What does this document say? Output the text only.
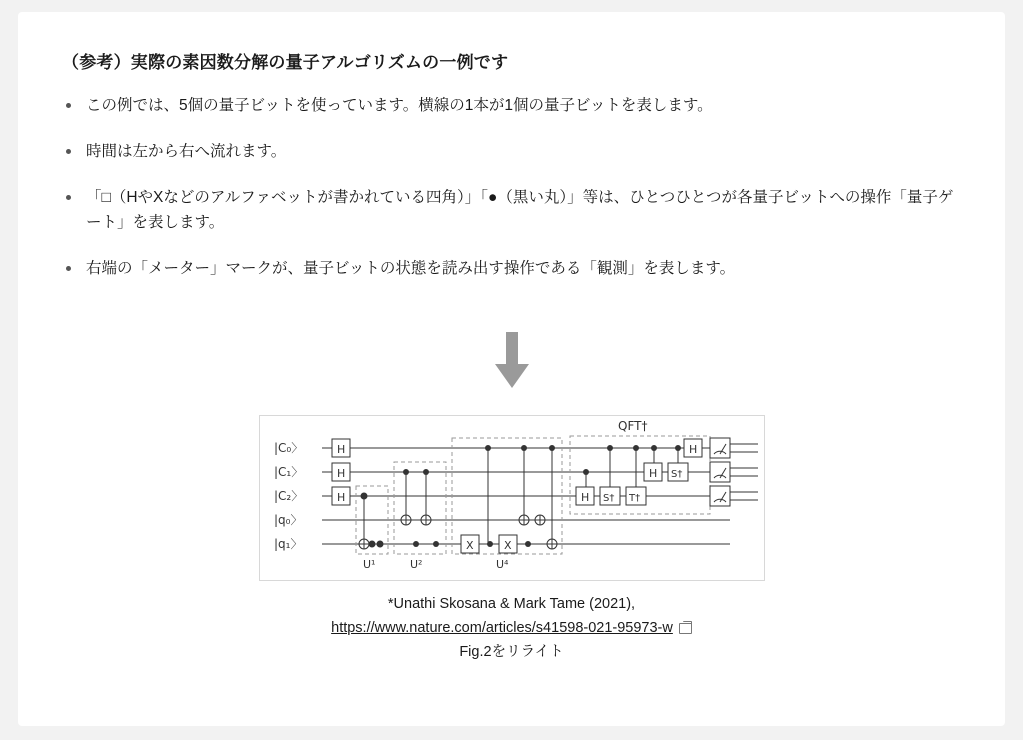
（参考）実際の素因数分解の量子アルゴリズムの一例です
この例では、5個の量子ビットを使っています。横線の1本が1個の量子ビットを表します。
時間は左から右へ流れます。
「□（HやXなどのアルファベットが書かれている四角）」「●（黒い丸）」等は、ひとつひとつが各量子ビットへの操作「量子ゲート」を表します。
右端の「メーター」マークが、量子ビットの状態を読み出す操作である「観測」を表します。
|C₀〉
|C₁〉
|C₂〉
|q₀〉
|q₁〉
H
H
H
X	X
QFT†
H S† T†
H S†
H
U¹	U²	U⁴
*Unathi Skosana & Mark Tame (2021),
https://www.nature.com/articles/s41598-021-95973-w
Fig.2をリライト
